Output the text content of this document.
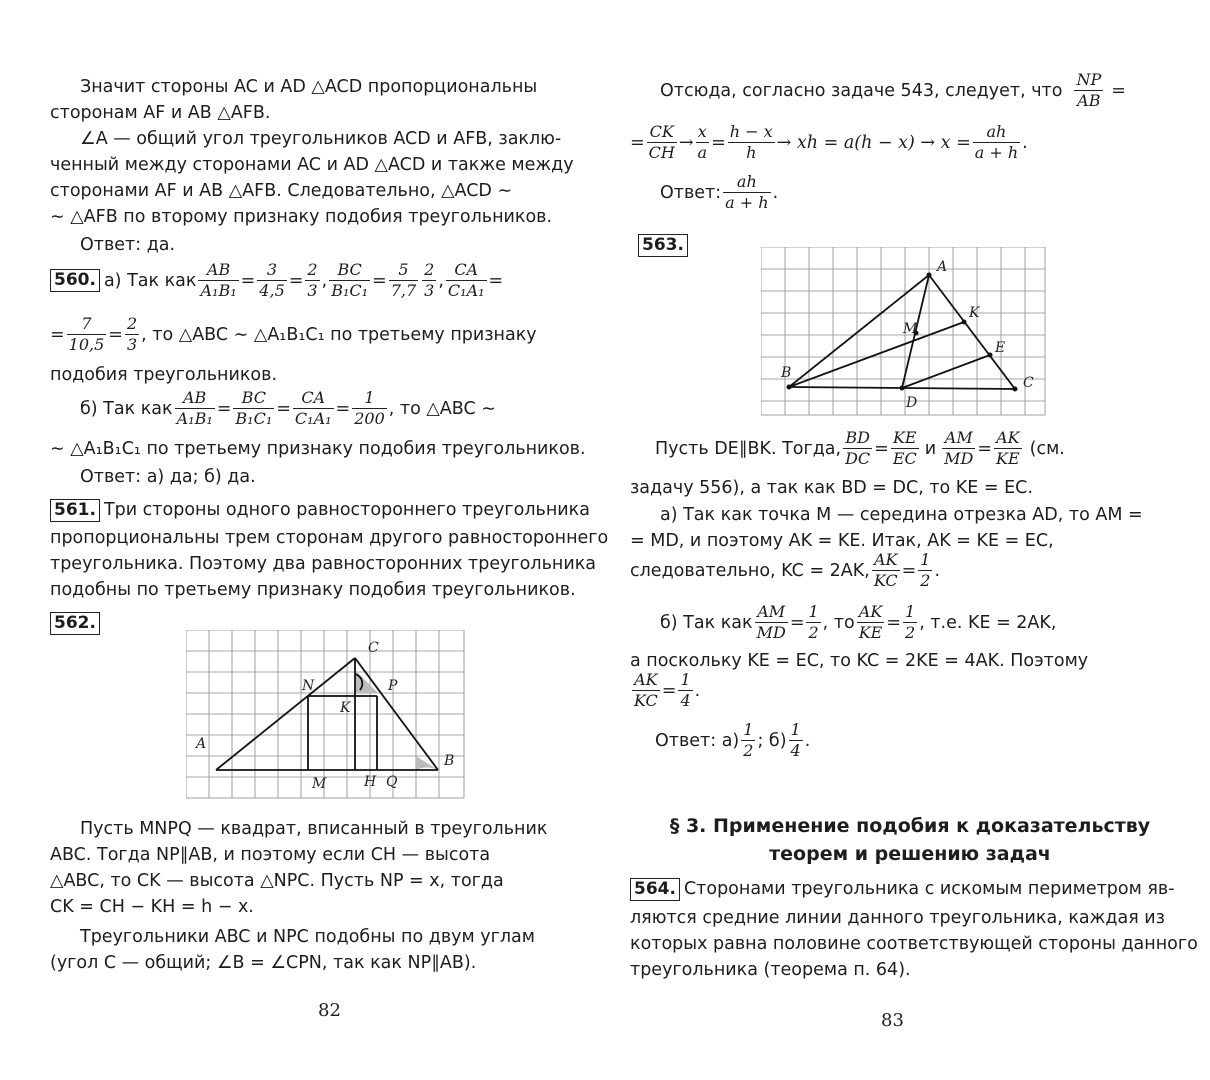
Значит стороны AC и AD △ACD пропорциональны
сторонам AF и AB △AFB.
∠A — общий угол треугольников ACD и AFB, заклю-
ченный между сторонами AC и AD △ACD и также между
сторонами AF и AB △AFB. Следовательно, △ACD ∼
∼ △AFB по второму признаку подобия треугольников.
Ответ: да.
560. а) Так как $\frac{AB}{\text{A₁B₁}} = \frac{3}{4,5} = \frac{2}{3}$ , $\frac{BC}{\text{B₁C₁}} = \frac{5}{7,7} \frac{2}{3}$ , $\frac{CA}{\text{C₁A₁}}$ =
= $\frac{7}{10,5} = \frac{2}{3}$ , то △ABC ∼ △A₁B₁C₁ по третьему признаку
подобия треугольников.
б) Так как $\frac{AB}{\text{A₁B₁}} = \frac{BC}{\text{B₁C₁}} = \frac{CA}{\text{C₁A₁}} = \frac{1}{200}$ , то △ABC ∼
∼ △A₁B₁C₁ по третьему признаку подобия треугольников.
Ответ: а) да; б) да.
561. Три стороны одного равностороннего треугольника
пропорциональны трем сторонам другого равностороннего
треугольника. Поэтому два равносторонних треугольника
подобны по третьему признаку подобия треугольников.
562.
A
B
C
N	P
K
M	H Q
Пусть MNPQ — квадрат, вписанный в треугольник
ABC. Тогда NP∥AB, и поэтому если CH — высота
△ABC, то CK — высота △NPC. Пусть NP = x, тогда
CK = CH − KH = h − x.
Треугольники ABC и NPC подобны по двум углам
(угол C — общий; ∠B = ∠CPN, так как NP∥AB).
82
Отсюда, согласно задаче 543, следует, что $\frac{NP}{AB}$ =
= $\frac{CK}{CH} \to \frac{x}{a} = \frac{h - x}{h}$ → xh = $a(h - x) \to x = \frac{ah}{a + h}$ .
Ответ: $\frac{ah}{a + h}$ .
563.
A
B
C
D
M
K
E
Пусть DE∥BK. Тогда, $\frac{BD}{DC} = \frac{KE}{EC}$ и $\frac{AM}{MD} = \frac{AK}{KE} (см$.
задачу 556), а так как BD = DC, то KE = EC.
а) Так как точка M — середина отрезка AD, то AM =
= MD, и поэтому AK = KE. Итак, AK = KE = EC,
следовательно, KC = 2AK, $\frac{AK}{KC} = \frac{1}{2}$ .
б) Так как $\frac{AM}{MD} = \frac{1}{2}$ , то $\frac{AK}{KE} = \frac{1}{2}$ , т.е. KE = 2AK,
а поскольку KE = EC, то KC = 2KE = 4AK. Поэтому
$\frac{AK}{KC} = \frac{1}{4}$ .
Ответ: $а) \frac{1}{2}$ ; $б) \frac{1}{4}$ .
§ 3. Применение подобия к доказательству
теорем и решению задач
564. Сторонами треугольника с искомым периметром яв-
ляются средние линии данного треугольника, каждая из
которых равна половине соответствующей стороны данного
треугольника (теорема п. 64).
83
